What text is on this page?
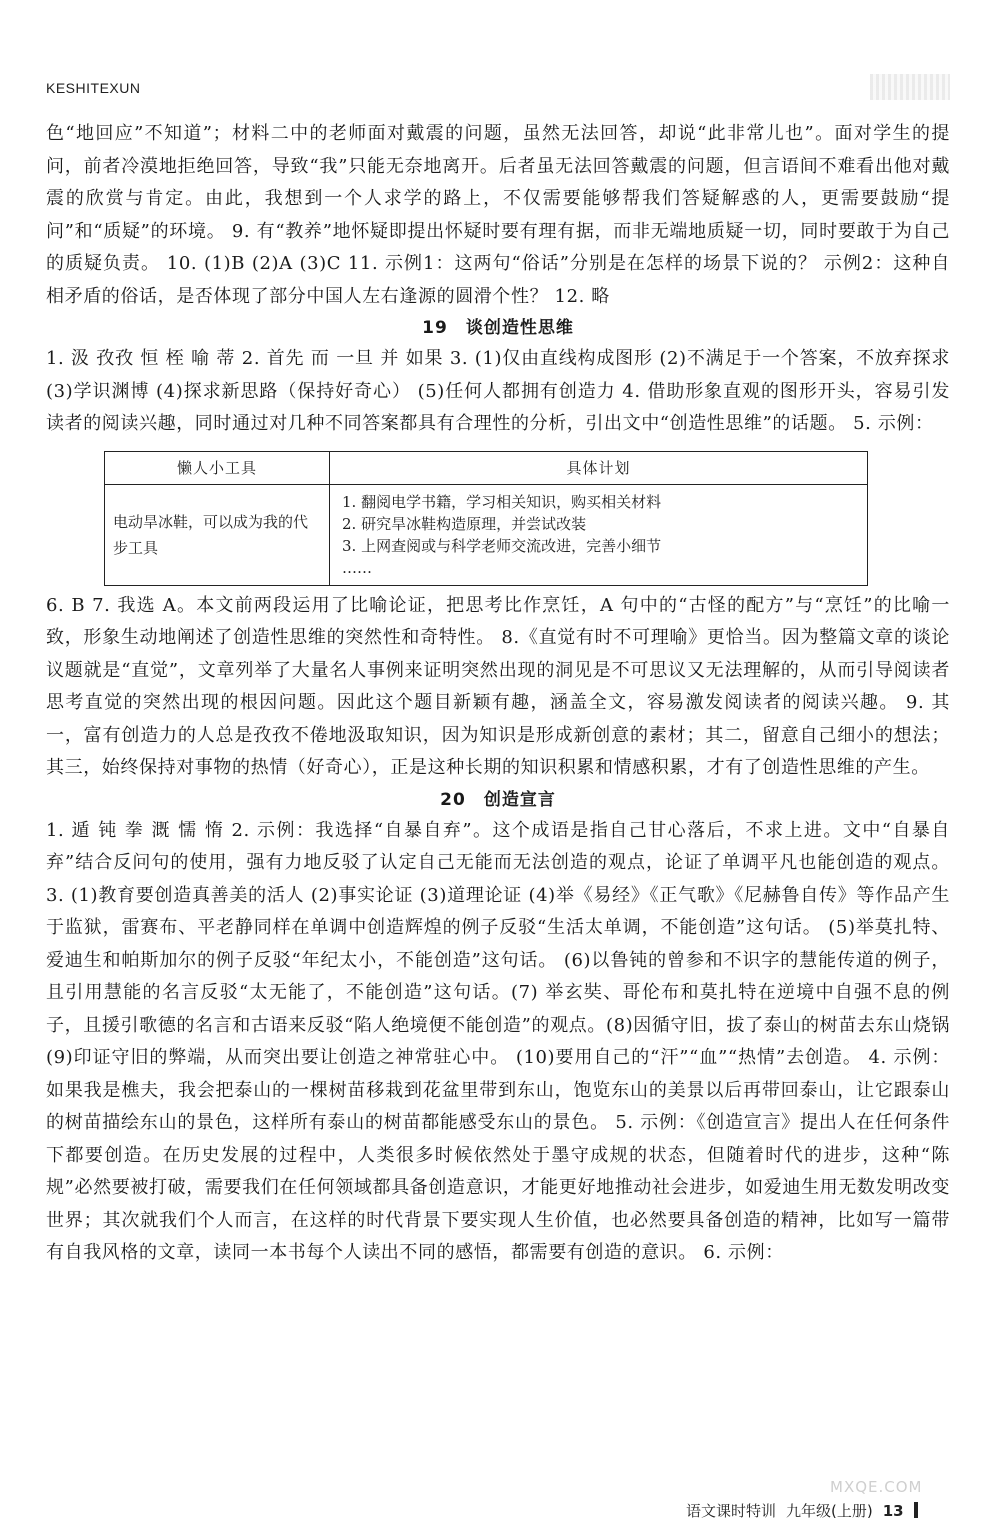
KESHITEXUN

色“地回应”不知道”；材料二中的老师面对戴震的问题，虽然无法回答，却说“此非常儿也”。面对学生的提问，前者冷漠地拒绝回答，导致“我”只能无奈地离开。后者虽无法回答戴震的问题，但言语间不难看出他对戴震的欣赏与肯定。由此，我想到一个人求学的路上，不仅需要能够帮我们答疑解惑的人，更需要鼓励“提问”和“质疑”的环境。 9. 有“教养”地怀疑即提出怀疑时要有理有据，而非无端地质疑一切，同时要敢于为自己的质疑负责。 10. (1)B (2)A (3)C 11. 示例1：这两句“俗话”分别是在怎样的场景下说的？ 示例2：这种自相矛盾的俗话，是否体现了部分中国人左右逢源的圆滑个性？ 12. 略

19 谈创造性思维

1. 汲 孜孜 恒 桎 喻 蒂 2. 首先 而 一旦 并 如果 3. (1)仅由直线构成图形 (2)不满足于一个答案，不放弃探求 (3)学识渊博 (4)探求新思路（保持好奇心） (5)任何人都拥有创造力 4. 借助形象直观的图形开头，容易引发读者的阅读兴趣，同时通过对几种不同答案都具有合理性的分析，引出文中“创造性思维”的话题。 5. 示例：

懒人小工具	具体计划
电动旱冰鞋，可以成为我的代步工具	1. 翻阅电学书籍，学习相关知识，购买相关材料
2. 研究旱冰鞋构造原理，并尝试改装
3. 上网查阅或与科学老师交流改进，完善小细节
……

6. B 7. 我选 A。本文前两段运用了比喻论证，把思考比作烹饪，A 句中的“古怪的配方”与“烹饪”的比喻一致，形象生动地阐述了创造性思维的突然性和奇特性。 8.《直觉有时不可理喻》更恰当。因为整篇文章的谈论议题就是“直觉”，文章列举了大量名人事例来证明突然出现的洞见是不可思议又无法理解的，从而引导阅读者思考直觉的突然出现的根因问题。因此这个题目新颖有趣，涵盖全文，容易激发阅读者的阅读兴趣。 9. 其一，富有创造力的人总是孜孜不倦地汲取知识，因为知识是形成新创意的素材；其二，留意自己细小的想法；其三，始终保持对事物的热情（好奇心），正是这种长期的知识积累和情感积累，才有了创造性思维的产生。

20 创造宣言

1. 遁 钝 拳 溉 懦 惰 2. 示例：我选择“自暴自弃”。这个成语是指自己甘心落后，不求上进。文中“自暴自弃”结合反问句的使用，强有力地反驳了认定自己无能而无法创造的观点，论证了单调平凡也能创造的观点。 3. (1)教育要创造真善美的活人 (2)事实论证 (3)道理论证 (4)举《易经》《正气歌》《尼赫鲁自传》等作品产生于监狱，雷赛布、平老静同样在单调中创造辉煌的例子反驳“生活太单调，不能创造”这句话。 (5)举莫扎特、爱迪生和帕斯加尔的例子反驳“年纪太小，不能创造”这句话。 (6)以鲁钝的曾参和不识字的慧能传道的例子，且引用慧能的名言反驳“太无能了，不能创造”这句话。(7) 举玄奘、哥伦布和莫扎特在逆境中自强不息的例子，且援引歌德的名言和古语来反驳“陷人绝境便不能创造”的观点。(8)因循守旧，拔了泰山的树苗去东山烧锅 (9)印证守旧的弊端，从而突出要让创造之神常驻心中。 (10)要用自己的“汗”“血”“热情”去创造。 4. 示例：如果我是樵夫，我会把泰山的一棵树苗移栽到花盆里带到东山，饱览东山的美景以后再带回泰山，让它跟泰山的树苗描绘东山的景色，这样所有泰山的树苗都能感受东山的景色。 5. 示例：《创造宣言》提出人在任何条件下都要创造。在历史发展的过程中，人类很多时候依然处于墨守成规的状态，但随着时代的进步，这种“陈规”必然要被打破，需要我们在任何领域都具备创造意识，才能更好地推动社会进步，如爱迪生用无数发明改变世界；其次就我们个人而言，在这样的时代背景下要实现人生价值，也必然要具备创造的精神，比如写一篇带有自我风格的文章，读同一本书每个人读出不同的感悟，都需要有创造的意识。 6. 示例：

MXQE.COM
语文课时特训 九年级(上册) 13
